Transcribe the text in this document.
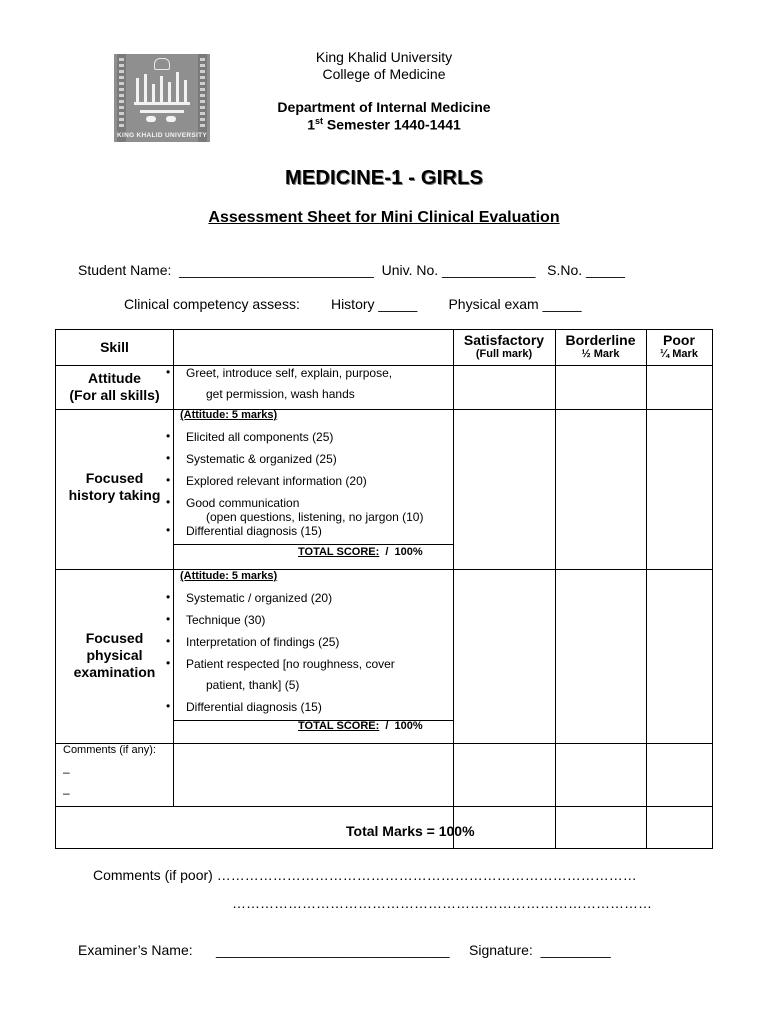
KING KHALID UNIVERSITY
King Khalid University
College of Medicine
Department of Internal Medicine
1st Semester 1440-1441
MEDICINE-1 - GIRLS
Assessment Sheet for Mini Clinical Evaluation
Student Name:  _________________________  Univ. No. ____________   S.No. _____
Clinical competency assess:        History _____        Physical exam _____
Skill	Satisfactory
(Full mark)
Borderline
½ Mark
Poor
¼ Mark
Attitude
(For all skills)
• Greet, introduce self, explain, purpose,
get permission, wash hands
(Attitude: 5 marks)
Focused
history taking
• Elicited all components (25)
• Systematic & organized (25)
• Explored relevant information (20)
• Good communication
(open questions, listening, no jargon (10)
• Differential diagnosis (15)
TOTAL SCORE:  /  100%
(Attitude: 5 marks)
Focused
physical
examination
• Systematic / organized (20)
• Technique (30)
• Interpretation of findings (25)
• Patient respected [no roughness, cover
patient, thank] (5)
• Differential diagnosis (15)
TOTAL SCORE:  /  100%
Comments (if any):
–
–
Total Marks = 100%
Comments (if poor) ………………………………………………………………………………
………………………………………………………………………………
Examiner’s Name:      ______________________________     Signature:  _________
